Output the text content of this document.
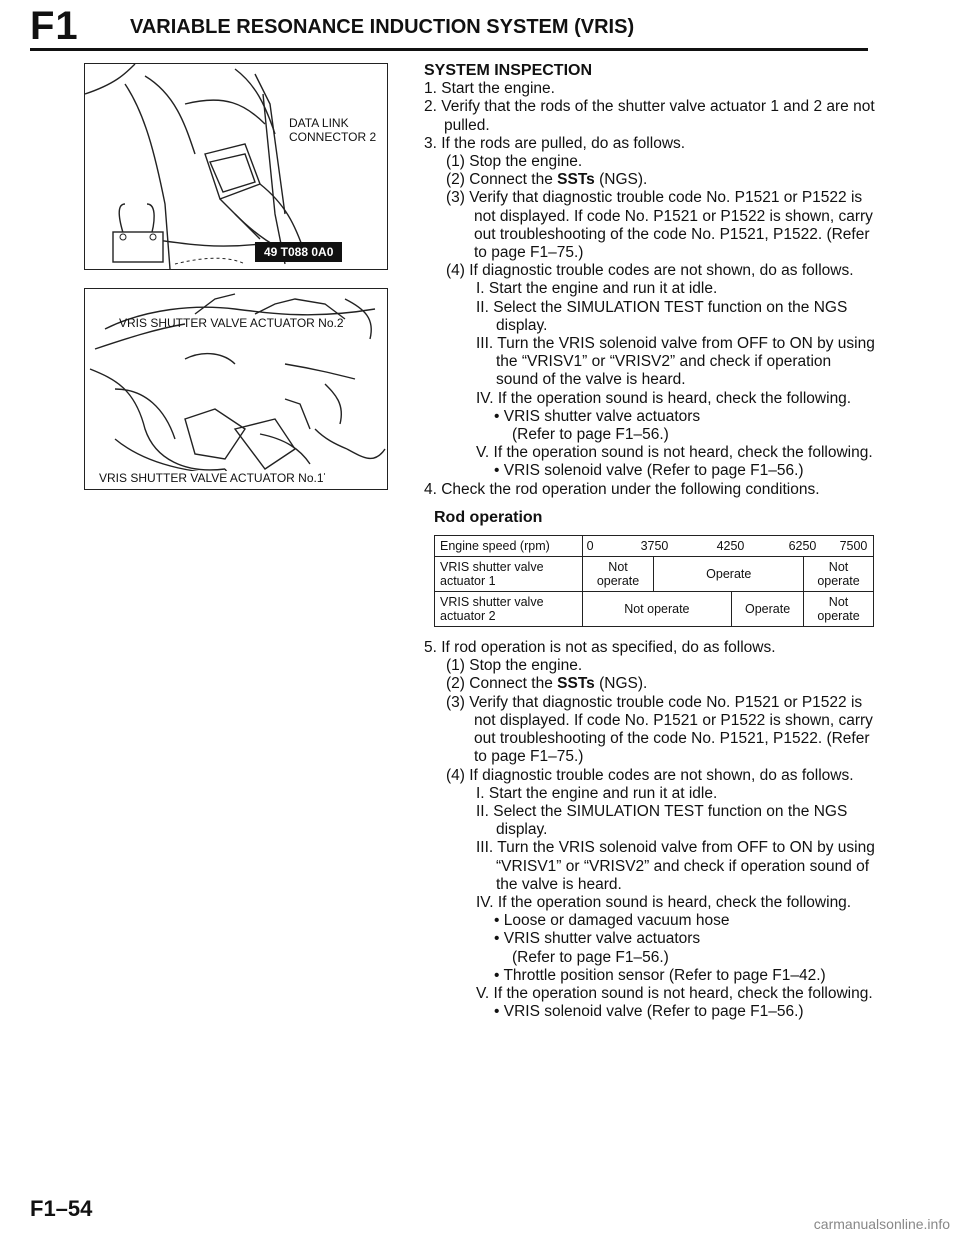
F1	VARIABLE RESONANCE INDUCTION SYSTEM (VRIS)
DATA LINK
CONNECTOR 2
49 T088 0A0
VRIS SHUTTER VALVE ACTUATOR No.2
VRIS SHUTTER VALVE ACTUATOR No.1

SYSTEM INSPECTION

1. Start the engine.

2. Verify that the rods of the shutter valve actuator 1 and 2 are not pulled.

3. If the rods are pulled, do as follows.

(1) Stop the engine.

(2) Connect the SSTs (NGS).

(3) Verify that diagnostic trouble code No. P1521 or P1522 is not displayed. If code No. P1521 or P1522 is shown, carry out troubleshooting of the code No. P1521, P1522. (Refer to page F1–75.)

(4) If diagnostic trouble codes are not shown, do as follows.

I. Start the engine and run it at idle.

II. Select the SIMULATION TEST function on the NGS display.

III. Turn the VRIS solenoid valve from OFF to ON by using the “VRISV1” or “VRISV2” and check if operation sound of the valve is heard.

IV. If the operation sound is heard, check the following.

• VRIS shutter valve actuators

(Refer to page F1–56.)

V. If the operation sound is not heard, check the following.

• VRIS solenoid valve (Refer to page F1–56.)

4. Check the rod operation under the following conditions.

Rod operation

Engine speed (rpm)	0 3750 4250 6250 7500			

VRIS shutter valve actuator 1	Not operate	Operate		Not operate
VRIS shutter valve actuator 2	Not operate		Operate	Not operate

5. If rod operation is not as specified, do as follows.

(1) Stop the engine.

(2) Connect the SSTs (NGS).

(3) Verify that diagnostic trouble code No. P1521 or P1522 is not displayed. If code No. P1521 or P1522 is shown, carry out troubleshooting of the code No. P1521, P1522. (Refer to page F1–75.)

(4) If diagnostic trouble codes are not shown, do as follows.

I. Start the engine and run it at idle.

II. Select the SIMULATION TEST function on the NGS display.

III. Turn the VRIS solenoid valve from OFF to ON by using “VRISV1” or “VRISV2” and check if operation sound of the valve is heard.

IV. If the operation sound is heard, check the following.

• Loose or damaged vacuum hose

• VRIS shutter valve actuators

(Refer to page F1–56.)

• Throttle position sensor (Refer to page F1–42.)

V. If the operation sound is not heard, check the following.

• VRIS solenoid valve (Refer to page F1–56.)

F1–54
carmanualsonline.info
